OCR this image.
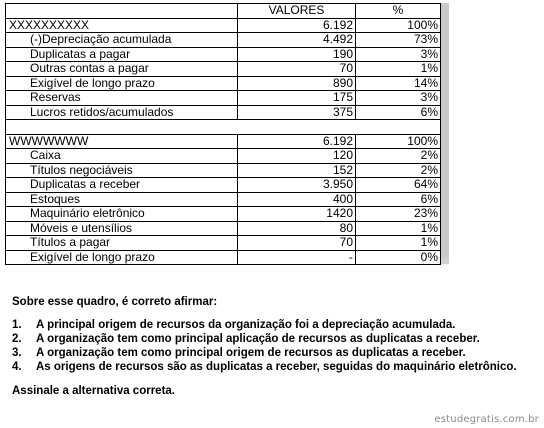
	VALORES	%
XXXXXXXXXX	6.192	100%
(-)Depreciação acumulada	4.492	73%
Duplicatas a pagar	190	3%
Outras contas a pagar	70	1%
Exigível de longo prazo	890	14%
Reservas	175	3%
Lucros retidos/acumulados	375	6%

WWWWWWW	6.192	100%
Caixa	120	2%
Títulos negociáveis	152	2%
Duplicatas a receber	3.950	64%
Estoques	400	6%
Maquinário eletrônico	1420	23%
Móveis e utensílios	80	1%
Títulos a pagar	70	1%
Exigível de longo prazo	-	0%
Sobre esse quadro, é correto afirmar:
1. A principal origem de recursos da organização foi a depreciação acumulada.
2. A organização tem como principal aplicação de recursos as duplicatas a receber.
3. A organização tem como principal origem de recursos as duplicatas a receber.
4. As origens de recursos são as duplicatas a receber, seguidas do maquinário eletrônico.
Assinale a alternativa correta.
estudegratis.com.br
